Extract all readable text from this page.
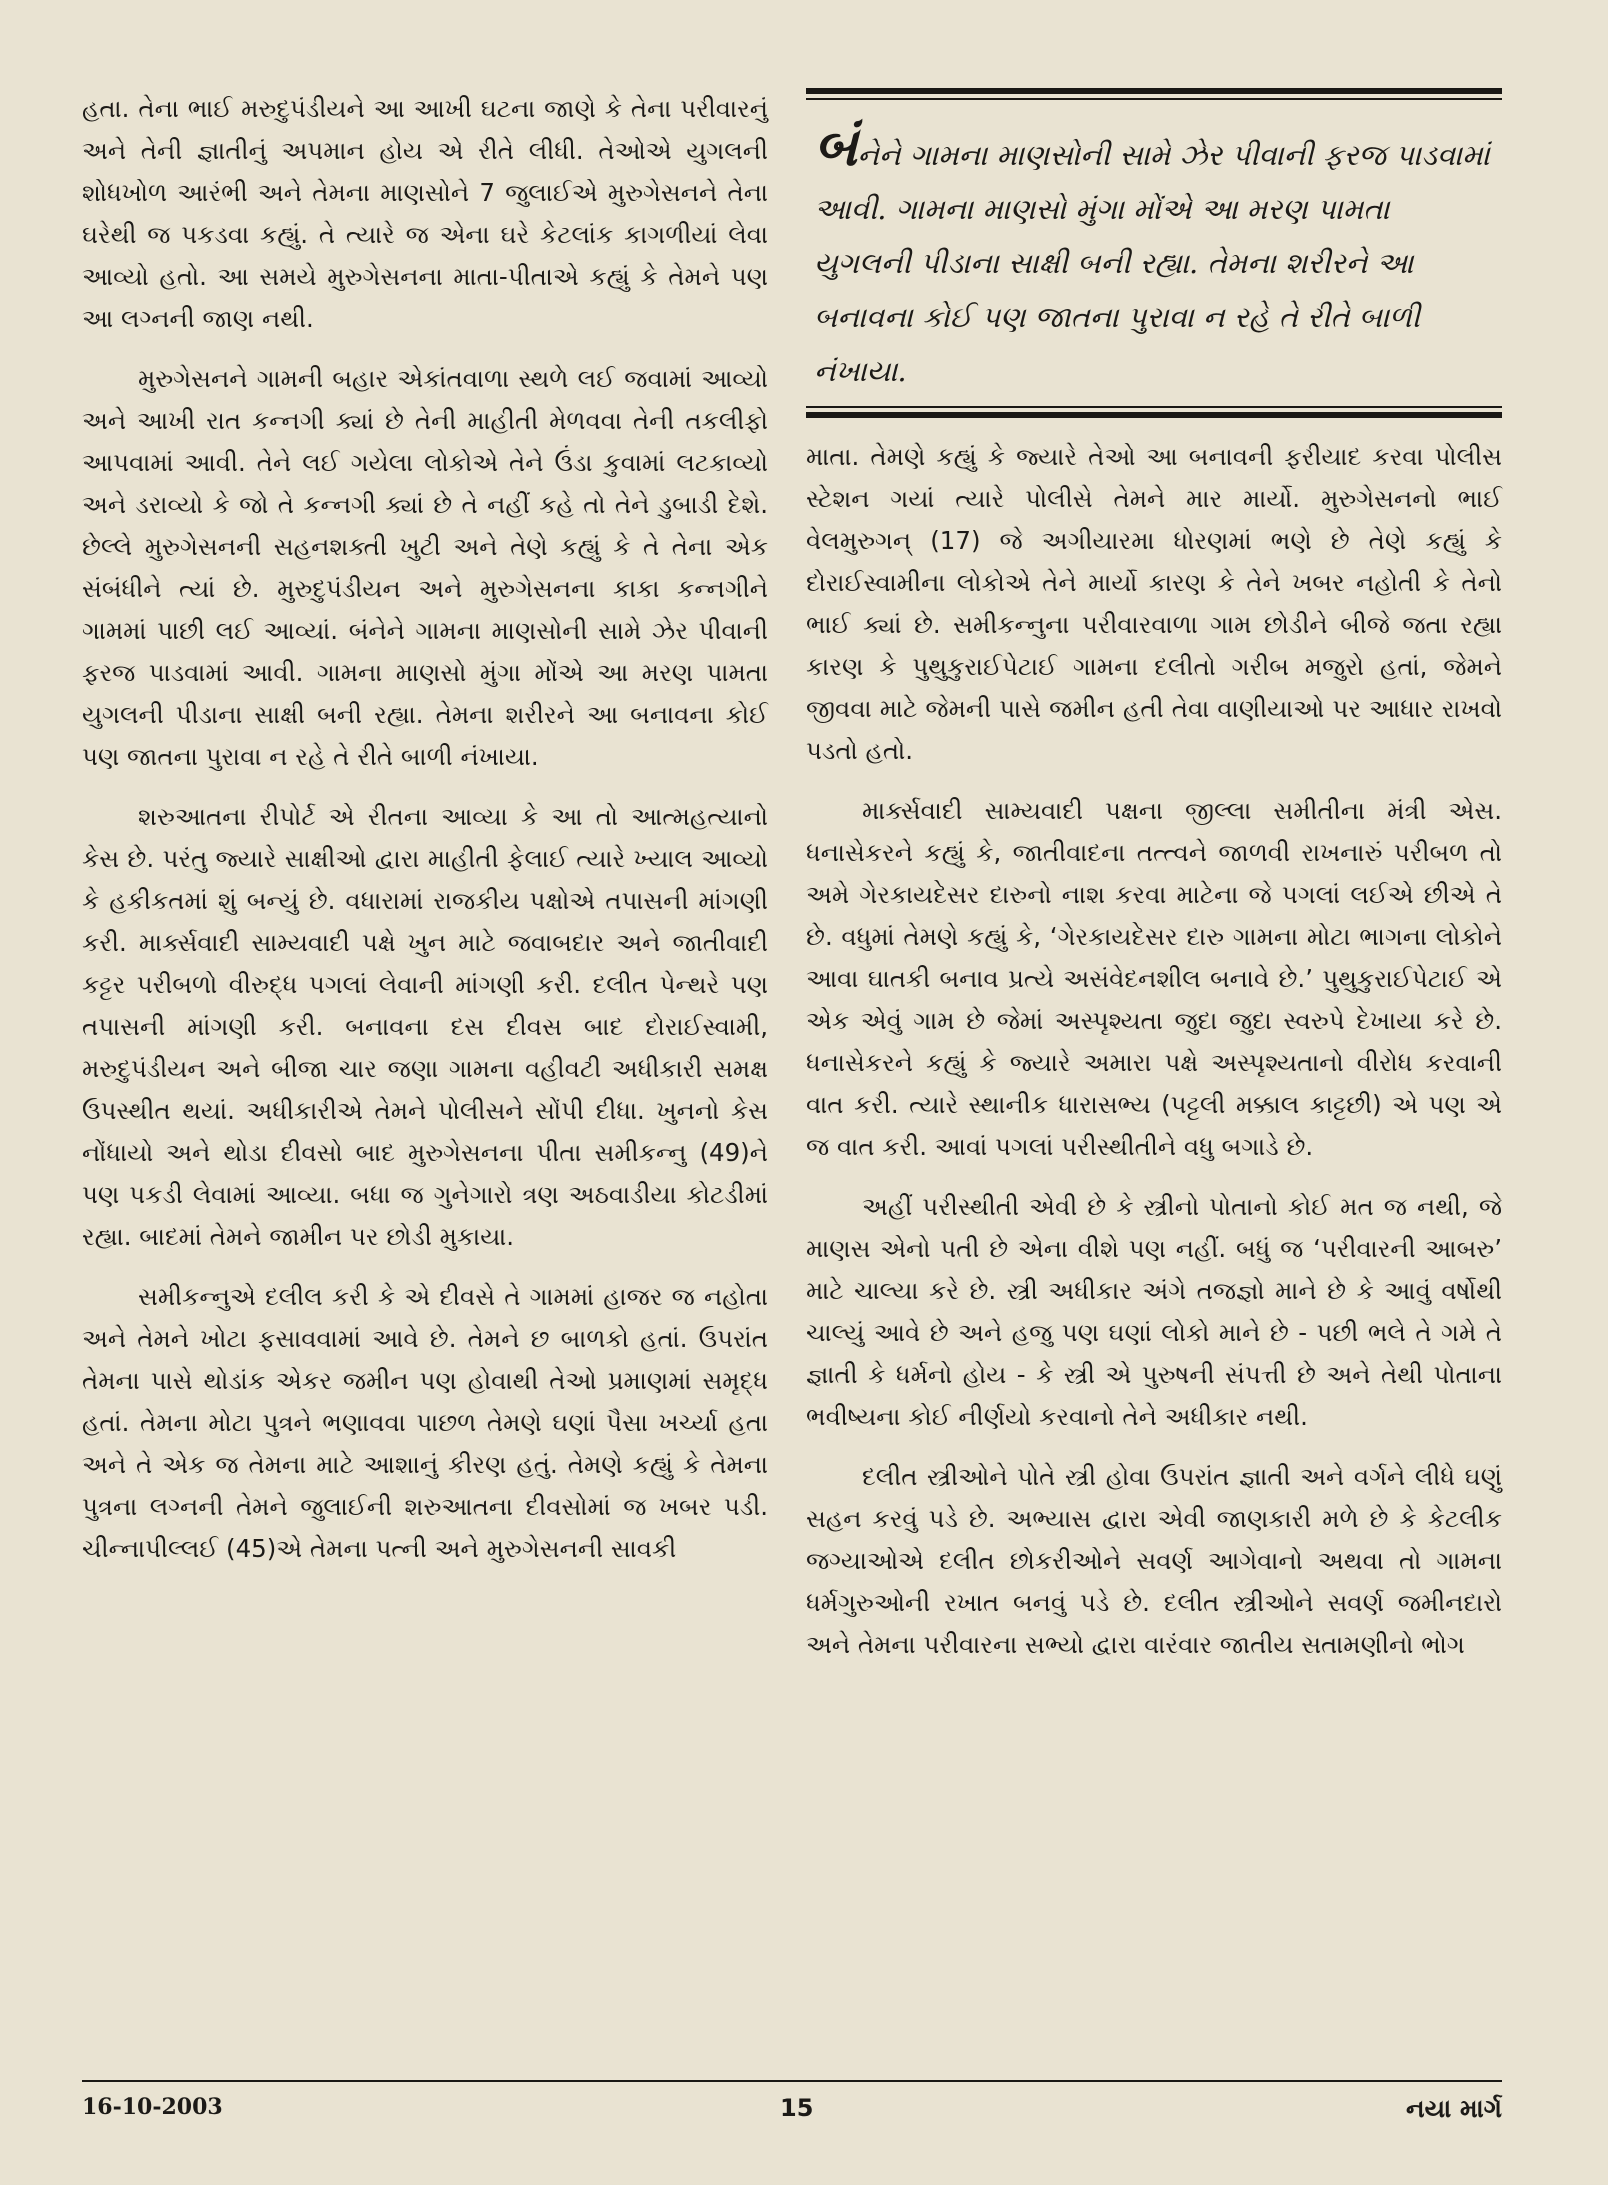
હતા. તેના ભાઈ મરુદુપંડીયને આ આખી ઘટના જાણે કે તેના પરીવારનું અને તેની જ્ઞાતીનું અપમાન હોય એ રીતે લીધી. તેઓએ યુગલની શોધખોળ આરંભી અને તેમના માણસોને 7 જુલાઈએ મુરુગેસનને તેના ઘરેથી જ પકડવા કહ્યું. તે ત્યારે જ એના ઘરે કેટલાંક કાગળીયાં લેવા આવ્યો હતો. આ સમયે મુરુગેસનના માતા-પીતાએ કહ્યું કે તેમને પણ આ લગ્નની જાણ નથી.

મુરુગેસનને ગામની બહાર એકાંતવાળા સ્થળે લઈ જવામાં આવ્યો અને આખી રાત કન્નગી ક્યાં છે તેની માહીતી મેળવવા તેની તકલીફો આપવામાં આવી. તેને લઈ ગયેલા લોકોએ તેને ઉંડા કુવામાં લટકાવ્યો અને ડરાવ્યો કે જો તે કન્નગી ક્યાં છે તે નહીં કહે તો તેને ડુબાડી દેશે. છેલ્લે મુરુગેસનની સહનશક્તી ખુટી અને તેણે કહ્યું કે તે તેના એક સંબંધીને ત્યાં છે. મુરુદુપંડીયન અને મુરુગેસનના કાકા કન્નગીને ગામમાં પાછી લઈ આવ્યાં. બંનેને ગામના માણસોની સામે ઝેર પીવાની ફરજ પાડવામાં આવી. ગામના માણસો મુંગા મોંએ આ મરણ પામતા યુગલની પીડાના સાક્ષી બની રહ્યા. તેમના શરીરને આ બનાવના કોઈ પણ જાતના પુરાવા ન રહે તે રીતે બાળી નંખાયા.

શરુઆતના રીપોર્ટ એ રીતના આવ્યા કે આ તો આત્મહત્યાનો કેસ છે. પરંતુ જ્યારે સાક્ષીઓ દ્વારા માહીતી ફેલાઈ ત્યારે ખ્યાલ આવ્યો કે હકીકતમાં શું બન્યું છે. વધારામાં રાજકીય પક્ષોએ તપાસની માંગણી કરી. માર્ક્સવાદી સામ્યવાદી પક્ષે ખુન માટે જવાબદાર અને જાતીવાદી કટ્ટર પરીબળો વીરુદ્ધ પગલાં લેવાની માંગણી કરી. દલીત પેન્થરે પણ તપાસની માંગણી કરી. બનાવના દસ દીવસ બાદ દોરાઈસ્વામી, મરુદુપંડીયન અને બીજા ચાર જણા ગામના વહીવટી અધીકારી સમક્ષ ઉપસ્થીત થયાં. અધીકારીએ તેમને પોલીસને સોંપી દીધા. ખુનનો કેસ નોંધાયો અને થોડા દીવસો બાદ મુરુગેસનના પીતા સમીકન્નુ (49)ને પણ પકડી લેવામાં આવ્યા. બધા જ ગુનેગારો ત્રણ અઠવાડીયા કોટડીમાં રહ્યા. બાદમાં તેમને જામીન પર છોડી મુકાયા.

સમીકન્નુએ દલીલ કરી કે એ દીવસે તે ગામમાં હાજર જ નહોતા અને તેમને ખોટા ફસાવવામાં આવે છે. તેમને છ બાળકો હતાં. ઉપરાંત તેમના પાસે થોડાંક એકર જમીન પણ હોવાથી તેઓ પ્રમાણમાં સમૃદ્ધ હતાં. તેમના મોટા પુત્રને ભણાવવા પાછળ તેમણે ઘણાં પૈસા ખર્ચ્યા હતા અને તે એક જ તેમના માટે આશાનું કીરણ હતું. તેમણે કહ્યું કે તેમના પુત્રના લગ્નની તેમને જુલાઈની શરુઆતના દીવસોમાં જ ખબર પડી. ચીન્નાપીલ્લઈ (45)એ તેમના પત્ની અને મુરુગેસનની સાવકી

બંનેને ગામના માણસોની સામે ઝેર પીવાની ફરજ પાડવામાં આવી. ગામના માણસો મુંગા મોંએ આ મરણ પામતા યુગલની પીડાના સાક્ષી બની રહ્યા. તેમના શરીરને આ બનાવના કોઈ પણ જાતના પુરાવા ન રહે તે રીતે બાળી નંખાયા.

માતા. તેમણે કહ્યું કે જ્યારે તેઓ આ બનાવની ફરીયાદ કરવા પોલીસ સ્ટેશન ગયાં ત્યારે પોલીસે તેમને માર માર્યો. મુરુગેસનનો ભાઈ વેલમુરુગન્ (17) જે અગીયારમા ધોરણમાં ભણે છે તેણે કહ્યું કે દોરાઈસ્વામીના લોકોએ તેને માર્યો કારણ કે તેને ખબર નહોતી કે તેનો ભાઈ ક્યાં છે. સમીકન્નુના પરીવારવાળા ગામ છોડીને બીજે જતા રહ્યા કારણ કે પુથુકુરાઈપેટાઈ ગામના દલીતો ગરીબ મજુરો હતાં, જેમને જીવવા માટે જેમની પાસે જમીન હતી તેવા વાણીયાઓ પર આધાર રાખવો પડતો હતો.

માર્ક્સવાદી સામ્યવાદી પક્ષના જીલ્લા સમીતીના મંત્રી એસ. ધનાસેકરને કહ્યું કે, જાતીવાદના તત્ત્વને જાળવી રાખનારું પરીબળ તો અમે ગેરકાયદેસર દારુનો નાશ કરવા માટેના જે પગલાં લઈએ છીએ તે છે. વધુમાં તેમણે કહ્યું કે, ‘ગેરકાયદેસર દારુ ગામના મોટા ભાગના લોકોને આવા ઘાતકી બનાવ પ્રત્યે અસંવેદનશીલ બનાવે છે.’ પુથુકુરાઈપેટાઈ એ એક એવું ગામ છે જેમાં અસ્પૃશ્યતા જુદા જુદા સ્વરુપે દેખાયા કરે છે. ધનાસેકરને કહ્યું કે જ્યારે અમારા પક્ષે અસ્પૃશ્યતાનો વીરોધ કરવાની વાત કરી. ત્યારે સ્થાનીક ધારાસભ્ય (પટ્ટલી મક્કાલ કાટ્ટછી) એ પણ એ જ વાત કરી. આવાં પગલાં પરીસ્થીતીને વધુ બગાડે છે.

અહીં પરીસ્થીતી એવી છે કે સ્ત્રીનો પોતાનો કોઈ મત જ નથી, જે માણસ એનો પતી છે એના વીશે પણ નહીં. બધું જ ‘પરીવારની આબરુ’ માટે ચાલ્યા કરે છે. સ્ત્રી અધીકાર અંગે તજજ્ઞો માને છે કે આવું વર્ષોથી ચાલ્યું આવે છે અને હજુ પણ ઘણાં લોકો માને છે - પછી ભલે તે ગમે તે જ્ઞાતી કે ધર્મનો હોય - કે સ્ત્રી એ પુરુષની સંપત્તી છે અને તેથી પોતાના ભવીષ્યના કોઈ નીર્ણયો કરવાનો તેને અધીકાર નથી.

દલીત સ્ત્રીઓને પોતે સ્ત્રી હોવા ઉપરાંત જ્ઞાતી અને વર્ગને લીધે ઘણું સહન કરવું પડે છે. અભ્યાસ દ્વારા એવી જાણકારી મળે છે કે કેટલીક જગ્યાઓએ દલીત છોકરીઓને સવર્ણ આગેવાનો અથવા તો ગામના ધર્મગુરુઓની રખાત બનવું પડે છે. દલીત સ્ત્રીઓને સવર્ણ જમીનદારો અને તેમના પરીવારના સભ્યો દ્વારા વારંવાર જાતીય સતામણીનો ભોગ

16-10-2003	15	નયા માર્ગ
